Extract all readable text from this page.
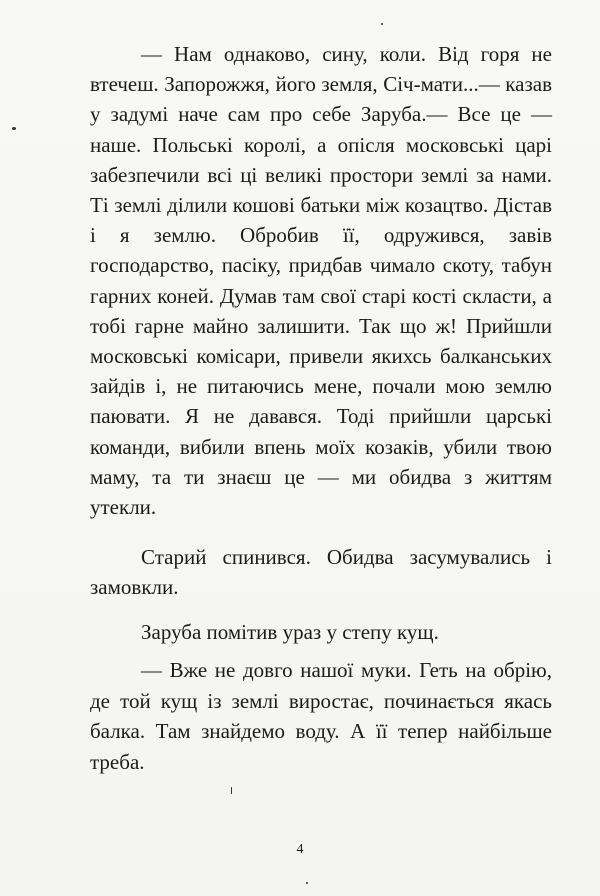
— Нам однаково, сину, коли. Від горя не втечеш. Запорожжя, його земля, Січ-мати...— казав у задумі наче сам про себе Заруба.— Все це — наше. Польські королі, а опісля московські царі забезпечили всі ці великі простори землі за нами. Ті землі ділили кошові батьки між козацтво. Дістав і я землю. Обробив її, одружився, завів господарство, пасіку, придбав чимало скоту, табун гарних коней. Думав там свої старі кості скласти, а тобі гарне майно залишити. Так що ж! Прийшли московські комісари, привели якихсь балканських зайдів і, не питаючись мене, почали мою землю паювати. Я не давався. Тоді прийшли царські команди, вибили впень моїх козаків, убили твою маму, та ти знаєш це — ми обидва з життям утекли.

Старий спинився. Обидва засумувались і замовкли.

Заруба помітив ураз у степу кущ.

— Вже не довго нашої муки. Геть на обрію, де той кущ із землі виростає, починається якась балка. Там знайдемо воду. А її тепер найбільше треба.

4
